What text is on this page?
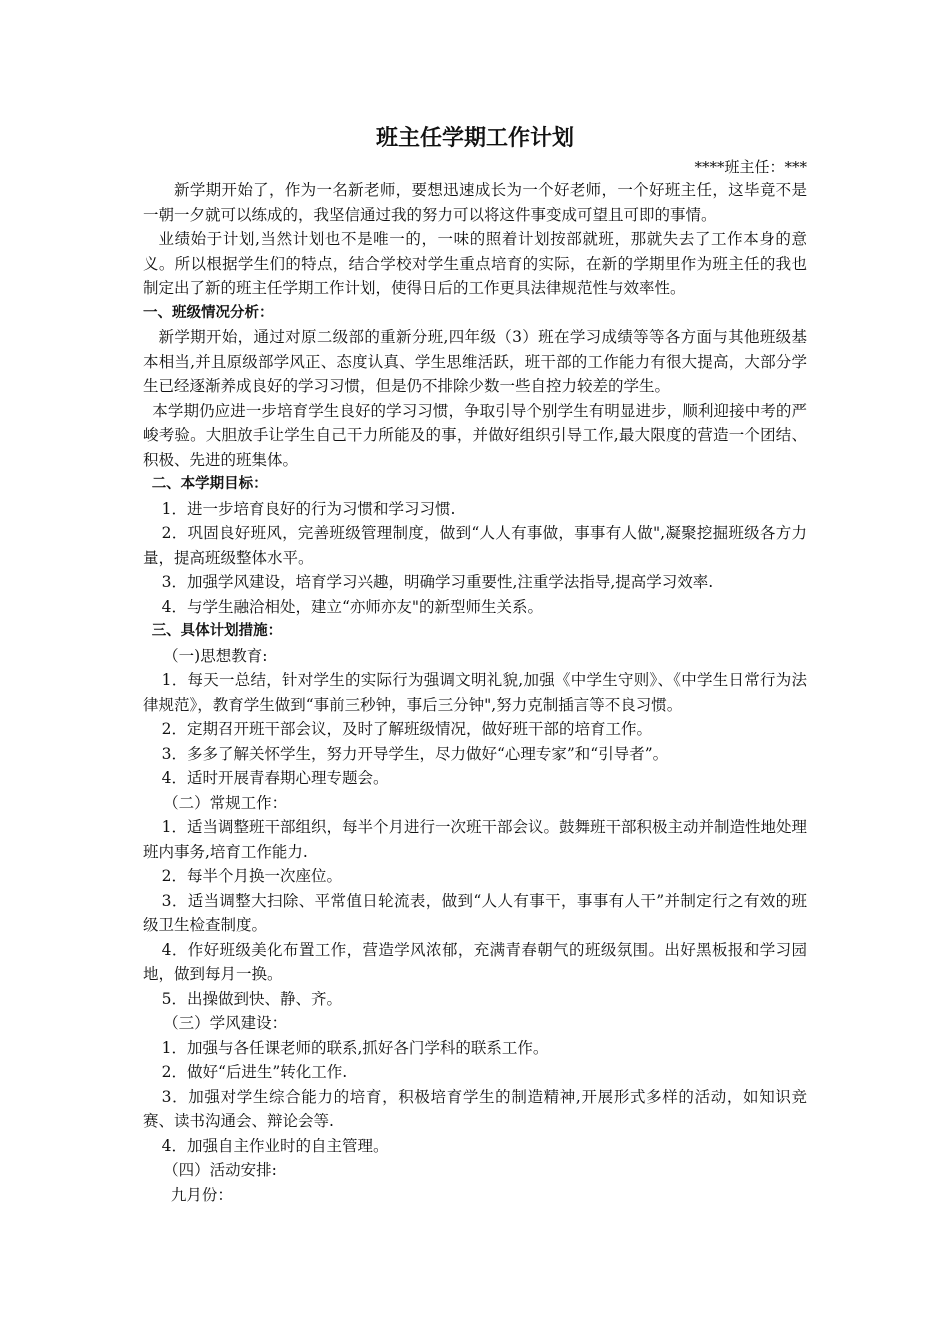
班主任学期工作计划
****班主任：***

新学期开始了，作为一名新老师，要想迅速成长为一个好老师，一个好班主任，这毕竟不是一朝一夕就可以练成的，我坚信通过我的努力可以将这件事变成可望且可即的事情。

业绩始于计划,当然计划也不是唯一的，一味的照着计划按部就班，那就失去了工作本身的意义。所以根据学生们的特点，结合学校对学生重点培育的实际，在新的学期里作为班主任的我也制定出了新的班主任学期工作计划，使得日后的工作更具法律规范性与效率性。

一、班级情况分析：

新学期开始，通过对原二级部的重新分班,四年级（3）班在学习成绩等等各方面与其他班级基本相当,并且原级部学风正、态度认真、学生思维活跃，班干部的工作能力有很大提高，大部分学生已经逐渐养成良好的学习习惯，但是仍不排除少数一些自控力较差的学生。

本学期仍应进一步培育学生良好的学习习惯，争取引导个别学生有明显进步，顺利迎接中考的严峻考验。大胆放手让学生自己干力所能及的事，并做好组织引导工作,最大限度的营造一个团结、积极、先进的班集体。

二、本学期目标：

1．进一步培育良好的行为习惯和学习习惯.

2．巩固良好班风，完善班级管理制度，做到“人人有事做，事事有人做",凝聚挖掘班级各方力量，提高班级整体水平。

3．加强学风建设，培育学习兴趣，明确学习重要性,注重学法指导,提高学习效率.

4．与学生融洽相处，建立“亦师亦友"的新型师生关系。

三、具体计划措施：

（一)思想教育:

1．每天一总结，针对学生的实际行为强调文明礼貌,加强《中学生守则》、《中学生日常行为法律规范》，教育学生做到“事前三秒钟，事后三分钟",努力克制插言等不良习惯。

2．定期召开班干部会议，及时了解班级情况，做好班干部的培育工作。

3．多多了解关怀学生，努力开导学生，尽力做好“心理专家”和“引导者”。

4．适时开展青春期心理专题会。

（二）常规工作：

1．适当调整班干部组织，每半个月进行一次班干部会议。鼓舞班干部积极主动并制造性地处理班内事务,培育工作能力.

2．每半个月换一次座位。

3．适当调整大扫除、平常值日轮流表，做到“人人有事干，事事有人干”并制定行之有效的班级卫生检查制度。

4．作好班级美化布置工作，营造学风浓郁，充满青春朝气的班级氛围。出好黑板报和学习园地，做到每月一换。

5．出操做到快、静、齐。

（三）学风建设：

1．加强与各任课老师的联系,抓好各门学科的联系工作。

2．做好“后进生”转化工作.

3．加强对学生综合能力的培育，积极培育学生的制造精神,开展形式多样的活动，如知识竞赛、读书沟通会、辩论会等.

4．加强自主作业时的自主管理。

（四）活动安排:

九月份：
